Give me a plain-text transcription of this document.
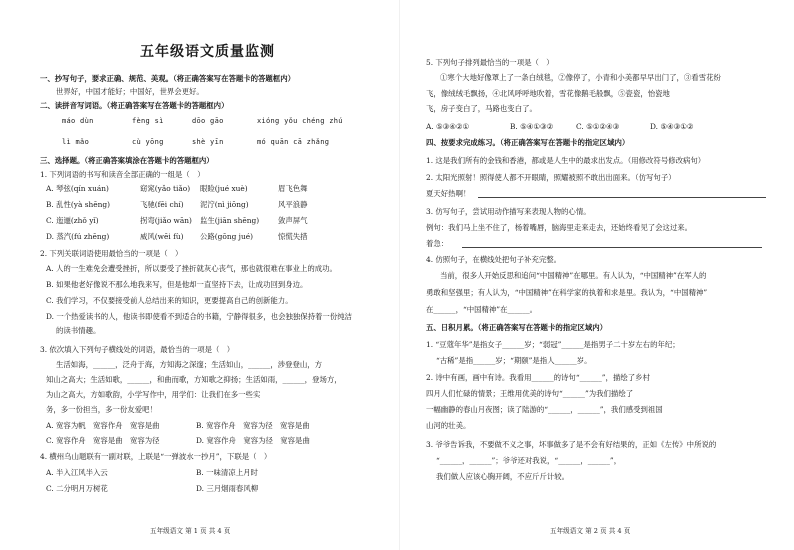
五年级语文质量监测
一、抄写句子，要求正确、规范、美观。（将正确答案写在答题卡的答题框内）
世界好，中国才能好；中国好，世界会更好。
二、读拼音写词语。（将正确答案写在答题卡的答题框内）
máo dùn	fèng sì	dōo gāo	xióng yǒu chéng zhú
lì mǎo	cù yōng	shè yīn	mó quān cā zhǎng
三、选择题。（将正确答案填涂在答题卡的答题框内）
1. 下列词语的书写和读音全部正确的一组是（　）
A. 琴弦(qín xuán)	窈窕(yǎo tiǎo) 眼睑(jué xuè)	眉飞色舞
B. 乱性(yà shēng)	飞驰(fēi chí) 泥泞(nì jiōng)	风平浪静
C. 迤逦(zhǒ yǐ)	拐弯(jiǎo wān) 监生(jiān shēng)	敛声屏气
D. 蒸汽(fú zhēng)	威风(wēi fù) 公路(gōng jué)	惊慌失措
2. 下列关联词语使用最恰当的一项是（　）
A. 人的一生难免会遭受挫折，所以要受了挫折就灰心丧气，那也就很难在事业上的成功。
B. 如果他老好像说不那么地我来写，但是他却一直坚持下去，让成功回到身边。
C. 我们学习，不仅要接受前人总结出来的知识，更要提高自己的创新能力。
D. 一个热爱读书的人，他读书即使看不到适合的书籍，宁静得很多，也会独独保持着一份纯洁
的读书情趣。
3. 依次填入下列句子横线处的词语，最恰当的一项是（　）
生活如海，______，泛舟于海，方知海之深邃；生活如山，______，涉登登山，方
知山之高大；生活如歌，______，和曲而歌，方知歌之抑扬；生活如雨，______，登场方，
为山之高大，方如歌韵，小学写作中，用学们：让我们在多一些实
务，多一份担当，多一份友爱吧！
A. 宽容为帆　宽容作舟　宽容是曲	B. 宽容作舟　宽容为径　宽容是曲
C. 宽容作舟　宽容是曲　宽容为径	D. 宽容作舟　宽容为径　宽容是曲
4. 横州乌山题联有一副对联，上联是“一弹波水一抄月”，下联是（　）
A. 半入江风半入云	B. 一味清凉上月时
C. 二分明月万树花	D. 三月烟雨春风柳
五年级语文 第 1 页 共 4 页
5. 下列句子排列最恰当的一项是（　）
①寒个大地好像罩上了一条白绒毯，②像停了，小青和小美都早早出门了，③看雪花纷
飞，像绒绒毛飘扬，④北风呼呼地吹着，雪花像鹅毛般飘，⑤瓷瓷，怡瓷地
飞，房子变白了，马路也变白了。
A. ⑤③④②①	B. ⑤④①③②	C. ⑤①②④③	D. ⑤④③①②
四、按要求完成练习。（将正确答案写在答题卡的指定区域内）
1. 这是我们所有的金钱和香港，都或是人生中的最求出发点。（用修改符号修改病句）
2. 太阳光照射！照得使人都不开眼睛，照耀被照不敢出出面来。（仿写句子）
夏天好热啊！
3. 仿写句子，尝试用动作描写来表现人物的心情。
例句：我们马上坐不住了，杨着嘴唇，脑海里走来走去，还始终看见了会这过来。
着急：
4. 仿照句子，在横线处把句子补充完整。
当前，很多人开始反思和追问“中国精神”在哪里。有人认为，“中国精神”在军人的
勇敢和坚强里；有人认为，“中国精神”在科学家的执着和求是里。我认为，“中国精神”
在______，“中国精神”在______。
五、日积月累。（将正确答案写在答题卡的指定区域内）
1. “豆蔻年华”是指女子______岁；“弱冠”______是指男子二十岁左右的年纪；
“古稀”是指______岁；“期颐”是指人______岁。
2. 诗中有画，画中有诗。我看用______的诗句“______”，描绘了乡村
四月人们忙碌的情景；王维用优美的诗句“______”为我们描绘了
一幅幽静的春山月夜图；读了陆游的“______，______”，我们感受到祖国
山河的壮美。
3. 爷爷告诉我，不要做不义之事，坏事做多了是不会有好结果的，正如《左传》中所说的
“______，______”；爷爷还对我说，“______，______”，
我们做人应该心胸开阔，不应斤斤计较。
五年级语文 第 2 页 共 4 页
